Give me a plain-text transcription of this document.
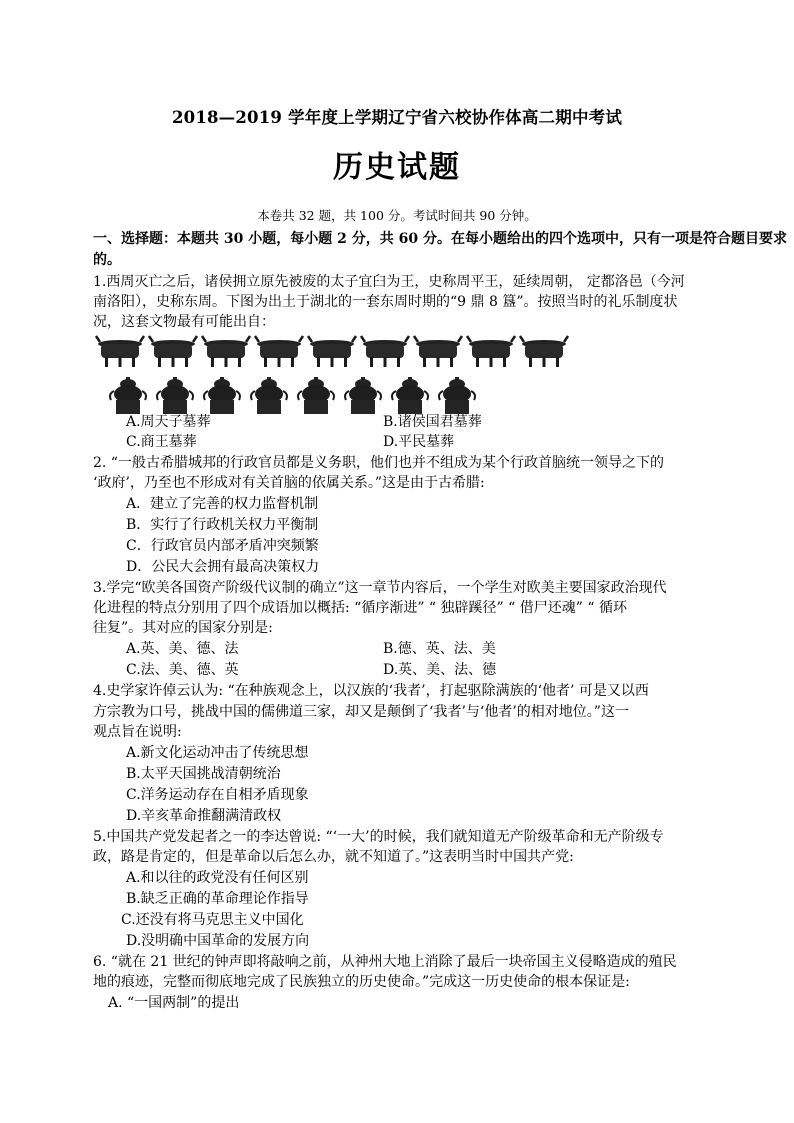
2018—2019 学年度上学期辽宁省六校协作体高二期中考试
历史试题
本卷共 32 题，共 100 分。考试时间共 90 分钟。
一、选择题：本题共 30 小题，每小题 2 分，共 60 分。在每小题给出的四个选项中，只有一项是符合题目要求
的。
1.西周灭亡之后，诸侯拥立原先被废的太子宜臼为王，史称周平王，延续周朝， 定都洛邑（今河
南洛阳），史称东周。下图为出土于湖北的一套东周时期的“9 鼎 8 簋”。按照当时的礼乐制度状
况，这套文物最有可能出自：
A.周天子墓葬	B.诸侯国君墓葬
C.商王墓葬	D.平民墓葬
2. “一般古希腊城邦的行政官员都是义务职，他们也并不组成为某个行政首脑统一领导之下的
‘政府’，乃至也不形成对有关首脑的依属关系。”这是由于古希腊:
A．建立了完善的权力监督机制
B．实行了行政机关权力平衡制
C．行政官员内部矛盾冲突频繁
D．公民大会拥有最高决策权力
3.学完“欧美各国资产阶级代议制的确立”这一章节内容后，一个学生对欧美主要国家政治现代
化进程的特点分别用了四个成语加以概括: “循序渐进” “ 独辟蹊径” “ 借尸还魂” “ 循环
往复”。其对应的国家分别是:
A.英、美、德、法	B.德、英、法、美
C.法、美、德、英	D.英、美、法、德
4.史学家许倬云认为: “在种族观念上，以汉族的‘我者’，打起驱除满族的‘他者’ 可是又以西
方宗教为口号，挑战中国的儒佛道三家，却又是颠倒了‘我者’与‘他者’的相对地位。”这一
观点旨在说明:
A.新文化运动冲击了传统思想
B.太平天国挑战清朝统治
C.洋务运动存在自相矛盾现象
D.辛亥革命推翻满清政权
5.中国共产党发起者之一的李达曾说: “‘一大’的时候，我们就知道无产阶级革命和无产阶级专
政，路是肯定的，但是革命以后怎么办，就不知道了。”这表明当时中国共产党:
A.和以往的政党没有任何区别
B.缺乏正确的革命理论作指导
C.还没有将马克思主义中国化
D.没明确中国革命的发展方向
6. “就在 21 世纪的钟声即将敲响之前，从神州大地上消除了最后一块帝国主义侵略造成的殖民
地的痕迹，完整而彻底地完成了民族独立的历史使命。”完成这一历史使命的根本保证是:
A. “一国两制”的提出
